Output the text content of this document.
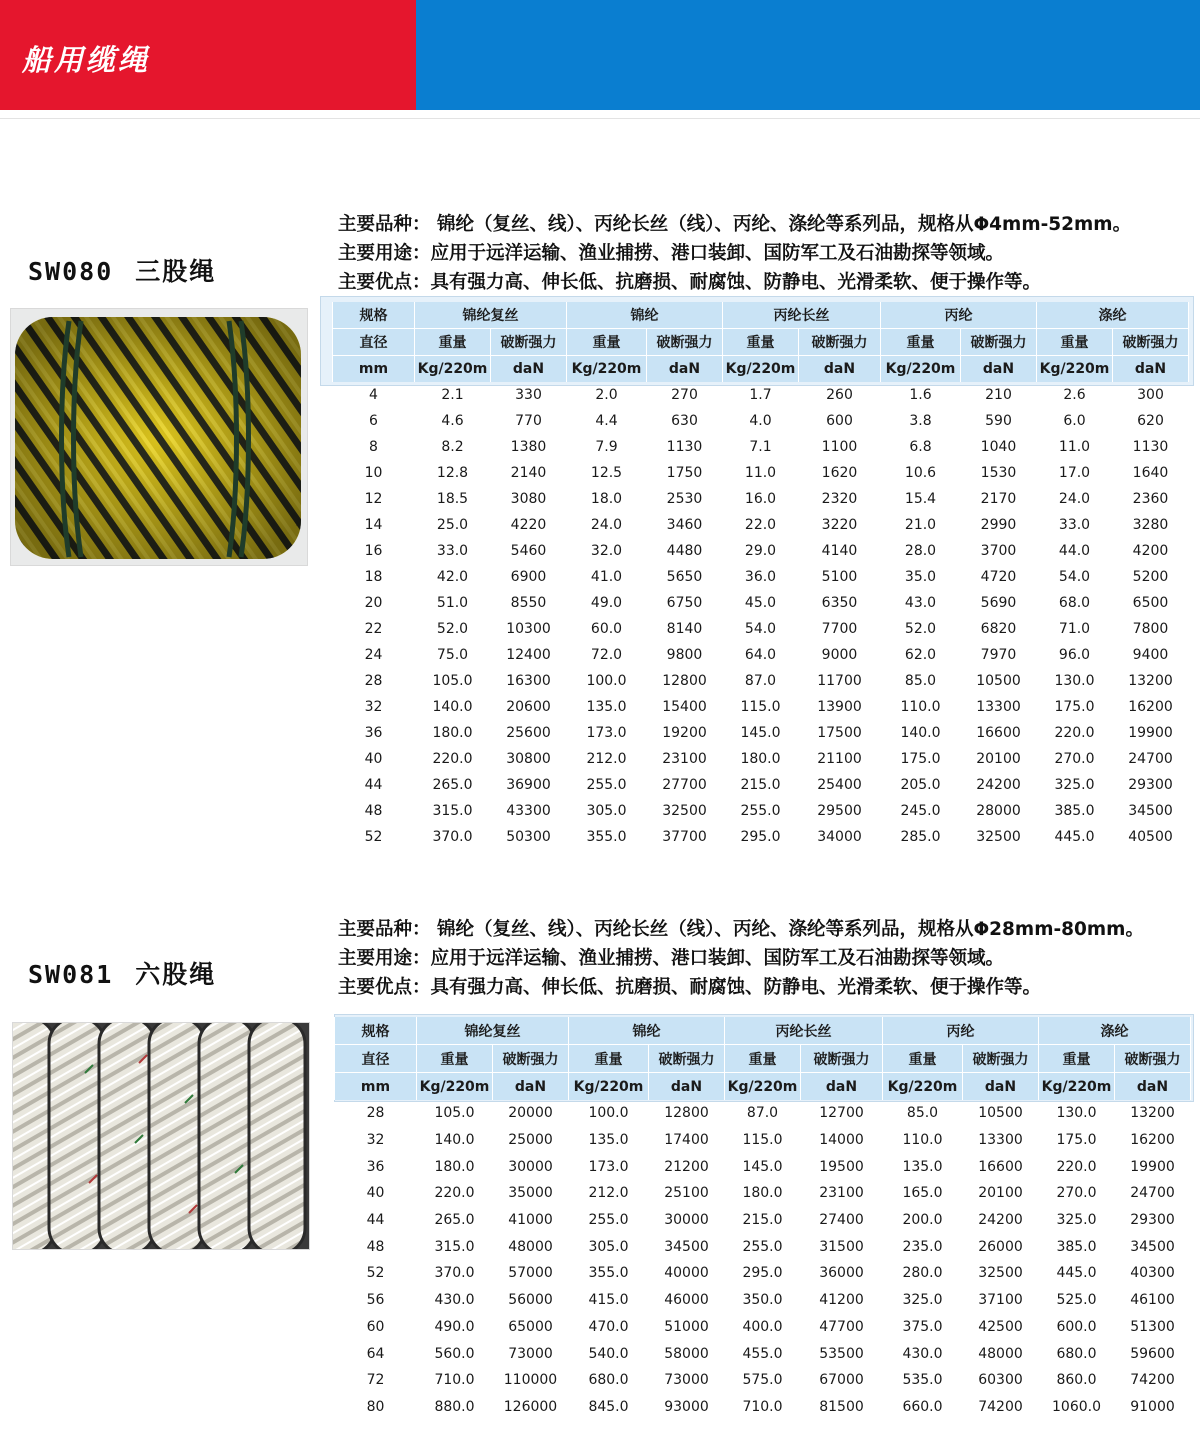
船用缆绳
SW080 三股绳
主要品种： 锦纶（复丝、线）、丙纶长丝（线）、丙纶、涤纶等系列品，规格从Φ4mm-52mm。
主要用途：应用于远洋运输、渔业捕捞、港口装卸、国防军工及石油勘探等领域。
主要优点：具有强力高、伸长低、抗磨损、耐腐蚀、防静电、光滑柔软、便于操作等。
规格	锦纶复丝		锦纶		丙纶长丝		丙纶		涤纶	
直径	重量	破断强力	重量	破断强力	重量	破断强力	重量	破断强力	重量	破断强力
mm	Kg/220m	daN	Kg/220m	daN	Kg/220m	daN	Kg/220m	daN	Kg/220m	daN
4	2.1	330	2.0	270	1.7	260	1.6	210	2.6	300
6	4.6	770	4.4	630	4.0	600	3.8	590	6.0	620
8	8.2	1380	7.9	1130	7.1	1100	6.8	1040	11.0	1130
10	12.8	2140	12.5	1750	11.0	1620	10.6	1530	17.0	1640
12	18.5	3080	18.0	2530	16.0	2320	15.4	2170	24.0	2360
14	25.0	4220	24.0	3460	22.0	3220	21.0	2990	33.0	3280
16	33.0	5460	32.0	4480	29.0	4140	28.0	3700	44.0	4200
18	42.0	6900	41.0	5650	36.0	5100	35.0	4720	54.0	5200
20	51.0	8550	49.0	6750	45.0	6350	43.0	5690	68.0	6500
22	52.0	10300	60.0	8140	54.0	7700	52.0	6820	71.0	7800
24	75.0	12400	72.0	9800	64.0	9000	62.0	7970	96.0	9400
28	105.0	16300	100.0	12800	87.0	11700	85.0	10500	130.0	13200
32	140.0	20600	135.0	15400	115.0	13900	110.0	13300	175.0	16200
36	180.0	25600	173.0	19200	145.0	17500	140.0	16600	220.0	19900
40	220.0	30800	212.0	23100	180.0	21100	175.0	20100	270.0	24700
44	265.0	36900	255.0	27700	215.0	25400	205.0	24200	325.0	29300
48	315.0	43300	305.0	32500	255.0	29500	245.0	28000	385.0	34500
52	370.0	50300	355.0	37700	295.0	34000	285.0	32500	445.0	40500
SW081 六股绳
主要品种： 锦纶（复丝、线）、丙纶长丝（线）、丙纶、涤纶等系列品，规格从Φ28mm-80mm。
主要用途：应用于远洋运输、渔业捕捞、港口装卸、国防军工及石油勘探等领域。
主要优点：具有强力高、伸长低、抗磨损、耐腐蚀、防静电、光滑柔软、便于操作等。
规格	锦纶复丝		锦纶		丙纶长丝		丙纶		涤纶	
直径	重量	破断强力	重量	破断强力	重量	破断强力	重量	破断强力	重量	破断强力
mm	Kg/220m	daN	Kg/220m	daN	Kg/220m	daN	Kg/220m	daN	Kg/220m	daN
28	105.0	20000	100.0	12800	87.0	12700	85.0	10500	130.0	13200
32	140.0	25000	135.0	17400	115.0	14000	110.0	13300	175.0	16200
36	180.0	30000	173.0	21200	145.0	19500	135.0	16600	220.0	19900
40	220.0	35000	212.0	25100	180.0	23100	165.0	20100	270.0	24700
44	265.0	41000	255.0	30000	215.0	27400	200.0	24200	325.0	29300
48	315.0	48000	305.0	34500	255.0	31500	235.0	26000	385.0	34500
52	370.0	57000	355.0	40000	295.0	36000	280.0	32500	445.0	40300
56	430.0	56000	415.0	46000	350.0	41200	325.0	37100	525.0	46100
60	490.0	65000	470.0	51000	400.0	47700	375.0	42500	600.0	51300
64	560.0	73000	540.0	58000	455.0	53500	430.0	48000	680.0	59600
72	710.0	110000	680.0	73000	575.0	67000	535.0	60300	860.0	74200
80	880.0	126000	845.0	93000	710.0	81500	660.0	74200	1060.0	91000
